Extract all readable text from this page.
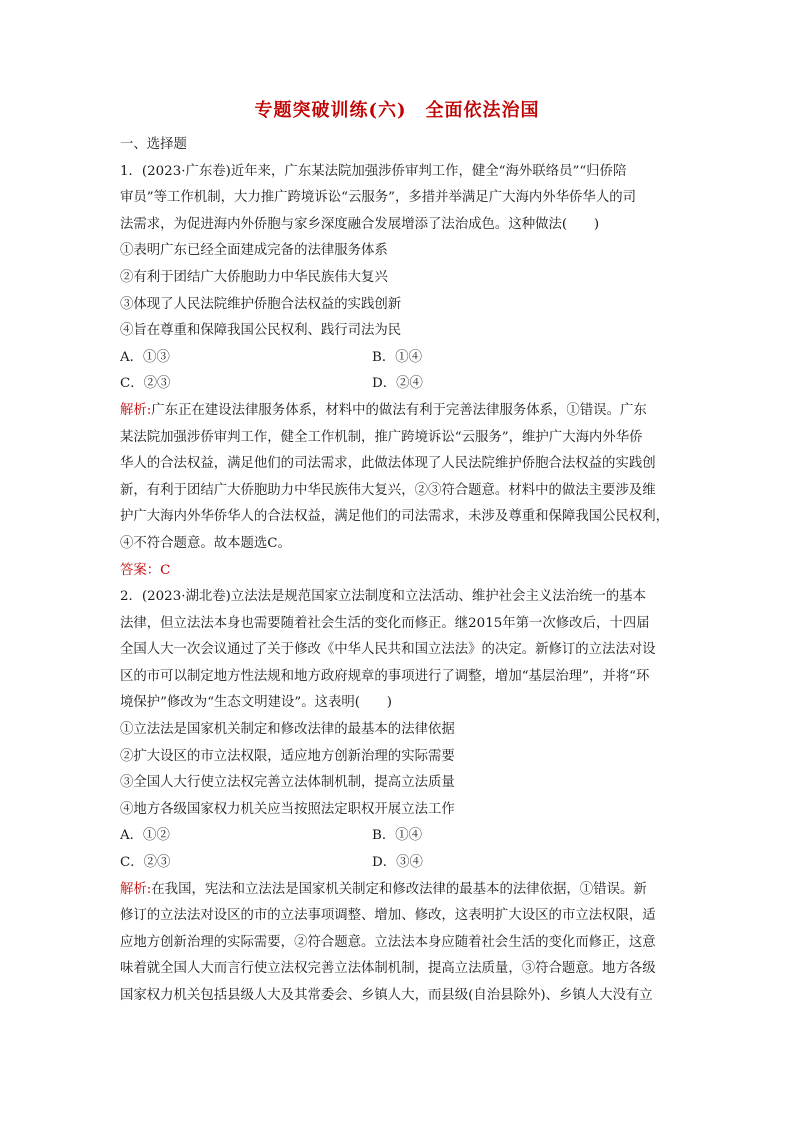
专题突破训练(六)　全面依法治国
一、选择题
1．(2023·广东卷)近年来，广东某法院加强涉侨审判工作，健全“海外联络员”“归侨陪
审员”等工作机制，大力推广跨境诉讼“云服务”，多措并举满足广大海内外华侨华人的司
法需求，为促进海内外侨胞与家乡深度融合发展增添了法治成色。这种做法(　　)
①表明广东已经全面建成完备的法律服务体系
②有利于团结广大侨胞助力中华民族伟大复兴
③体现了人民法院维护侨胞合法权益的实践创新
④旨在尊重和保障我国公民权利、践行司法为民
A．①③	B．①④
C．②③	D．②④
解析:广东正在建设法律服务体系，材料中的做法有利于完善法律服务体系，①错误。广东
某法院加强涉侨审判工作，健全工作机制，推广跨境诉讼“云服务”，维护广大海内外华侨
华人的合法权益，满足他们的司法需求，此做法体现了人民法院维护侨胞合法权益的实践创
新，有利于团结广大侨胞助力中华民族伟大复兴，②③符合题意。材料中的做法主要涉及维
护广大海内外华侨华人的合法权益，满足他们的司法需求，未涉及尊重和保障我国公民权利，
④不符合题意。故本题选C。
答案：C
2．(2023·湖北卷)立法法是规范国家立法制度和立法活动、维护社会主义法治统一的基本
法律，但立法法本身也需要随着社会生活的变化而修正。继2015年第一次修改后，十四届
全国人大一次会议通过了关于修改《中华人民共和国立法法》的决定。新修订的立法法对设
区的市可以制定地方性法规和地方政府规章的事项进行了调整，增加“基层治理”，并将“环
境保护”修改为“生态文明建设”。这表明(　　)
①立法法是国家机关制定和修改法律的最基本的法律依据
②扩大设区的市立法权限，适应地方创新治理的实际需要
③全国人大行使立法权完善立法体制机制，提高立法质量
④地方各级国家权力机关应当按照法定职权开展立法工作
A．①②	B．①④
C．②③	D．③④
解析:在我国，宪法和立法法是国家机关制定和修改法律的最基本的法律依据，①错误。新
修订的立法法对设区的市的立法事项调整、增加、修改，这表明扩大设区的市立法权限，适
应地方创新治理的实际需要，②符合题意。立法法本身应随着社会生活的变化而修正，这意
味着就全国人大而言行使立法权完善立法体制机制，提高立法质量，③符合题意。地方各级
国家权力机关包括县级人大及其常委会、乡镇人大，而县级(自治县除外)、乡镇人大没有立
